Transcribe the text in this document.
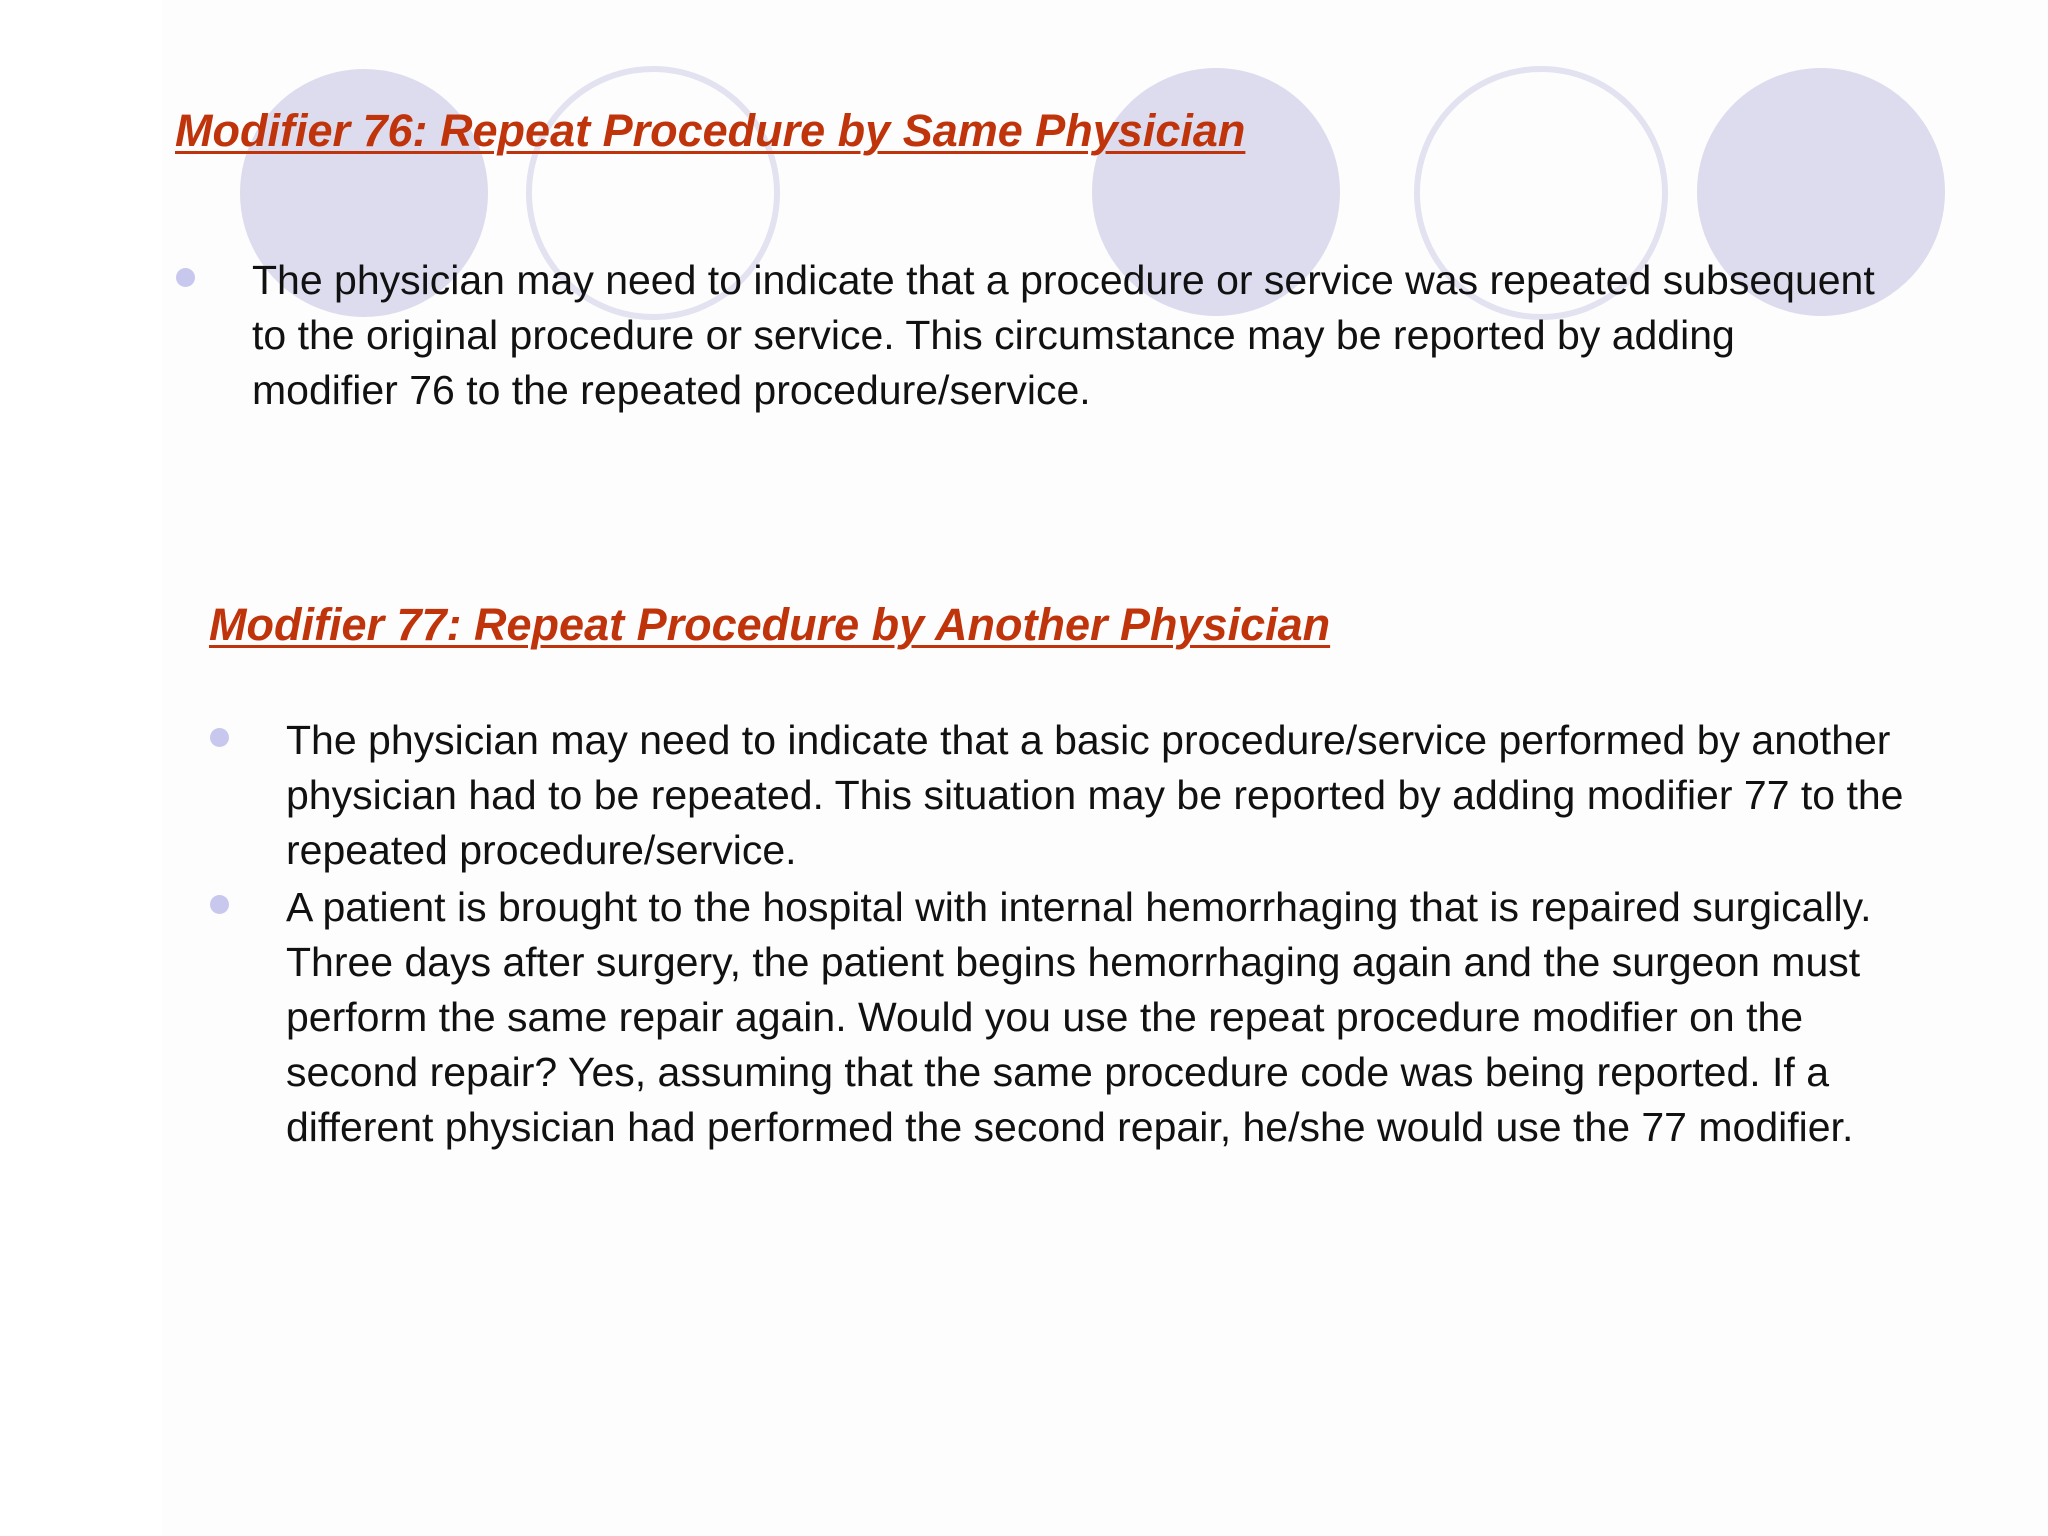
Modifier 76: Repeat Procedure by Same Physician
The physician may need to indicate that a procedure or service was repeated subsequent to the original procedure or service. This circumstance may be reported by adding modifier 76 to the repeated procedure/service.
Modifier 77: Repeat Procedure by Another Physician
The physician may need to indicate that a basic procedure/service performed by another physician had to be repeated. This situation may be reported by adding modifier 77 to the repeated procedure/service.
A patient is brought to the hospital with internal hemorrhaging that is repaired surgically. Three days after surgery, the patient begins hemorrhaging again and the surgeon must perform the same repair again. Would you use the repeat procedure modifier on the second repair? Yes, assuming that the same procedure code was being reported. If a different physician had performed the second repair, he/she would use the 77 modifier.
